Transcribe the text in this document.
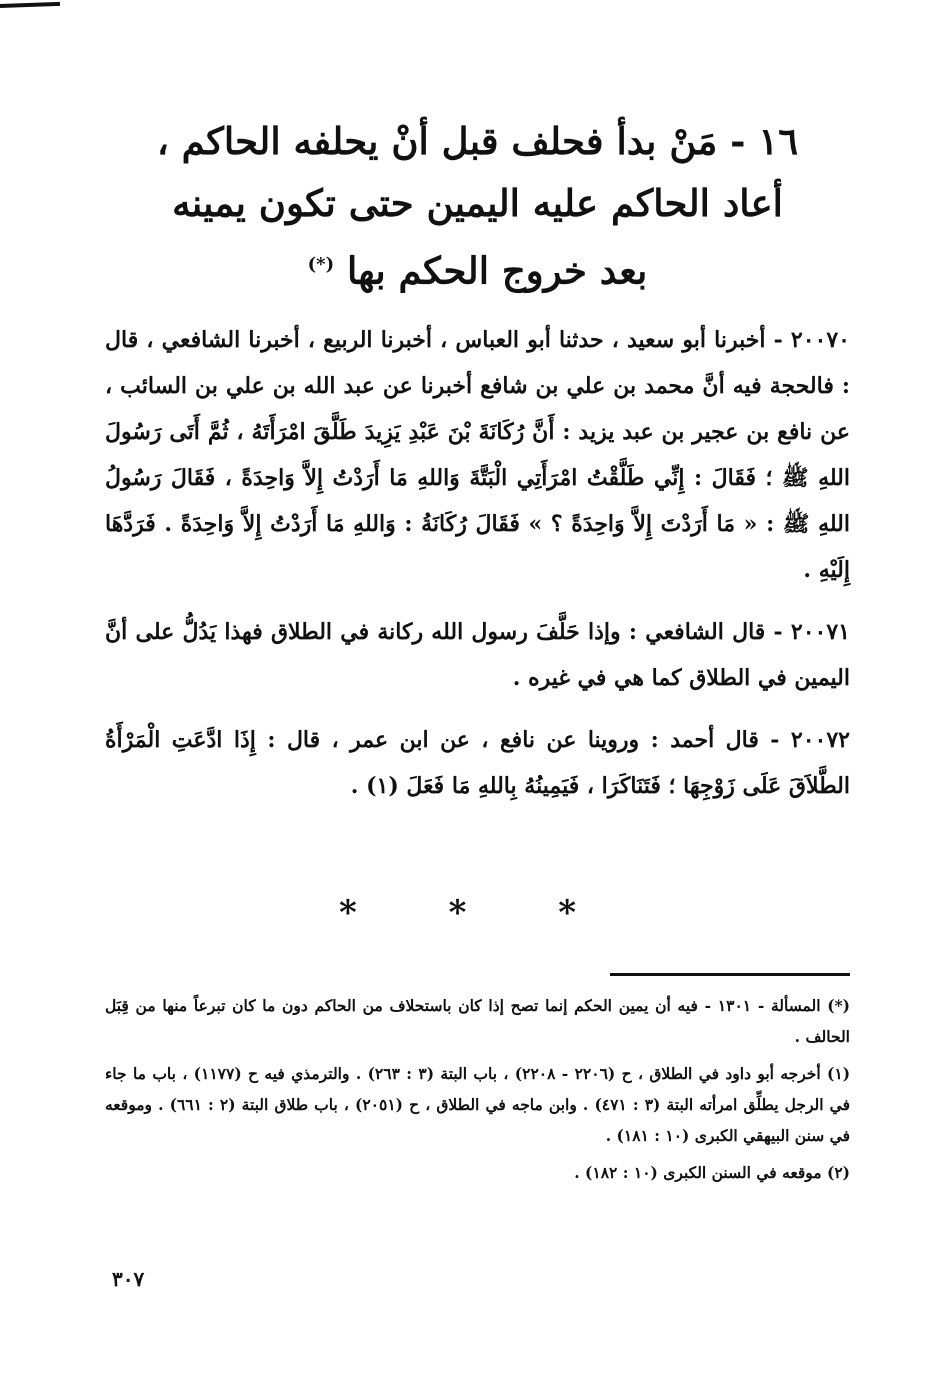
١٦ - مَنْ بدأ فحلف قبل أنْ يحلفه الحاكم ،
أعاد الحاكم عليه اليمين حتى تكون يمينه
بعد خروج الحكم بها (*)

٢٠٠٧٠ - أخبرنا أبو سعيد ، حدثنا أبو العباس ، أخبرنا الربيع ، أخبرنا الشافعي ، قال : فالحجة فيه أنَّ محمد بن علي بن شافع أخبرنا عن عبد الله بن علي بن السائب ، عن نافع بن عجير بن عبد يزيد : أَنَّ رُكَانَةَ بْنَ عَبْدِ يَزِيدَ طَلَّقَ امْرَأَتَهُ ، ثُمَّ أَتَى رَسُولَ اللهِ ﷺ ؛ فَقَالَ : إِنِّي طَلَّقْتُ امْرَأَتِي الْبَتَّةَ وَاللهِ مَا أَرَدْتُ إِلاَّ وَاحِدَةً ، فَقَالَ رَسُولُ اللهِ ﷺ : « مَا أَرَدْتَ إِلاَّ وَاحِدَةً ؟ » فَقَالَ رُكَانَةُ : وَاللهِ مَا أَرَدْتُ إِلاَّ وَاحِدَةً . فَرَدَّهَا إِلَيْهِ .

٢٠٠٧١ - قال الشافعي : وإذا حَلَّفَ رسول الله ركانة في الطلاق فهذا يَدُلُّ على أنَّ اليمين في الطلاق كما هي في غيره .

٢٠٠٧٢ - قال أحمد : وروينا عن نافع ، عن ابن عمر ، قال : إِذَا ادَّعَتِ الْمَرْأَةُ الطَّلاَقَ عَلَى زَوْجِهَا ؛ فَتَنَاكَرَا ، فَيَمِينُهُ بِاللهِ مَا فَعَلَ (١) .

* * *

(*) المسألة - ١٣٠١ - فيه أن يمين الحكم إنما تصح إذا كان باستحلاف من الحاكم دون ما كان تبرعاً منها من قِبَل الحالف .

(١) أخرجه أبو داود في الطلاق ، ح (٢٢٠٦ - ٢٢٠٨) ، باب البتة (٣ : ٢٦٣) . والترمذي فيه ح (١١٧٧) ، باب ما جاء في الرجل يطلِّق امرأته البتة (٣ : ٤٧١) . وابن ماجه في الطلاق ، ح (٢٠٥١) ، باب طلاق البتة (٢ : ٦٦١) . وموقعه في سنن البيهقي الكبرى (١٠ : ١٨١) .

(٢) موقعه في السنن الكبرى (١٠ : ١٨٢) .

٣٠٧
